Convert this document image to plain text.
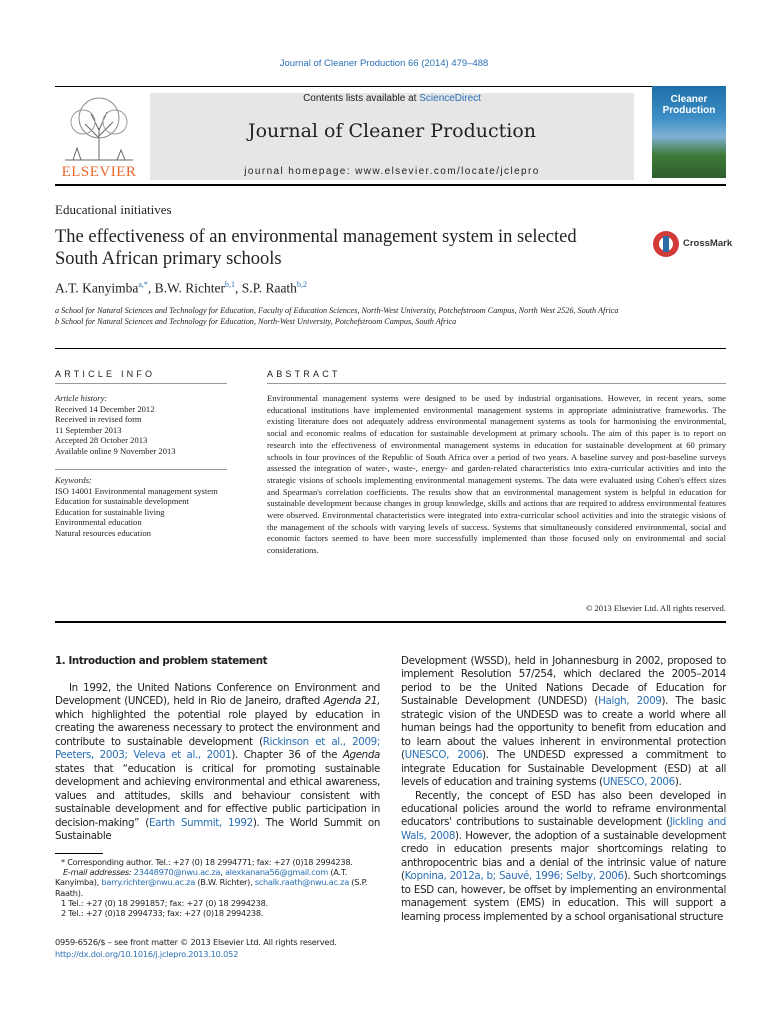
Journal of Cleaner Production 66 (2014) 479–488
ELSEVIER
Contents lists available at ScienceDirect
Journal of Cleaner Production
journal homepage: www.elsevier.com/locate/jclepro
Cleaner Production
Educational initiatives
The effectiveness of an environmental management system in selected South African primary schools
CrossMark
A.T. Kanyimba$^{a,*}$, B.W. Richter$^{b,1}$, S.P. Raath$^{b,2}$
a School for Natural Sciences and Technology for Education, Faculty of Education Sciences, North-West University, Potchefstroom Campus, North West 2526, South Africa
b School for Natural Sciences and Technology for Education, North-West University, Potchefstroom Campus, South Africa
ARTICLE INFO
Article history:
Received 14 December 2012
Received in revised form
11 September 2013
Accepted 28 October 2013
Available online 9 November 2013
Keywords:
ISO 14001 Environmental management system
Education for sustainable development
Education for sustainable living
Environmental education
Natural resources education
ABSTRACT
Environmental management systems were designed to be used by industrial organisations. However, in recent years, some educational institutions have implemented environmental management systems in appropriate administrative frameworks. The existing literature does not adequately address environmental management systems as tools for harmonising the environmental, social and economic realms of education for sustainable development at primary schools. The aim of this paper is to report on research into the effectiveness of environmental management systems in education for sustainable development at 60 primary schools in four provinces of the Republic of South Africa over a period of two years. A baseline survey and post-baseline surveys assessed the integration of water-, waste-, energy- and garden-related characteristics into extra-curricular activities and into the strategic visions of schools implementing environmental management systems. The data were evaluated using Cohen's effect sizes and Spearman's correlation coefficients. The results show that an environmental management system is helpful in education for sustainable development because changes in group knowledge, skills and actions that are required to address environmental features were observed. Environmental characteristics were integrated into extra-curricular school activities and into the strategic visions of the management of the schools with varying levels of success. Systems that simultaneously considered environmental, social and economic factors seemed to have been more successfully implemented than those focused only on environmental and social considerations.
© 2013 Elsevier Ltd. All rights reserved.
1. Introduction and problem statement

In 1992, the United Nations Conference on Environment and Development (UNCED), held in Rio de Janeiro, drafted Agenda 21, which highlighted the potential role played by education in creating the awareness necessary to protect the environment and contribute to sustainable development (Rickinson et al., 2009; Peeters, 2003; Veleva et al., 2001). Chapter 36 of the Agenda states that “education is critical for promoting sustainable development and achieving environmental and ethical awareness, values and attitudes, skills and behaviour consistent with sustainable development and for effective public participation in decision-making” (Earth Summit, 1992). The World Summit on Sustainable

* Corresponding author. Tel.: +27 (0) 18 2994771; fax: +27 (0)18 2994238.
E-mail addresses: 23448970@nwu.ac.za, alexkanana56@gmail.com (A.T. Kanyimba), barry.richter@nwu.ac.za (B.W. Richter), schalk.raath@nwu.ac.za (S.P. Raath).
1 Tel.: +27 (0) 18 2991857; fax: +27 (0) 18 2994238.
2 Tel.: +27 (0)18 2994733; fax: +27 (0)18 2994238.
0959-6526/$ – see front matter © 2013 Elsevier Ltd. All rights reserved.
http://dx.doi.org/10.1016/j.jclepro.2013.10.052

Development (WSSD), held in Johannesburg in 2002, proposed to implement Resolution 57/254, which declared the 2005–2014 period to be the United Nations Decade of Education for Sustainable Development (UNDESD) (Haigh, 2009). The basic strategic vision of the UNDESD was to create a world where all human beings had the opportunity to benefit from education and to learn about the values inherent in environmental protection (UNESCO, 2006). The UNDESD expressed a commitment to integrate Education for Sustainable Development (ESD) at all levels of education and training systems (UNESCO, 2006).

Recently, the concept of ESD has also been developed in educational policies around the world to reframe environmental educators' contributions to sustainable development (Jickling and Wals, 2008). However, the adoption of a sustainable development credo in education presents major shortcomings relating to anthropocentric bias and a denial of the intrinsic value of nature (Kopnina, 2012a, b; Sauvé, 1996; Selby, 2006). Such shortcomings to ESD can, however, be offset by implementing an environmental management system (EMS) in education. This will support a learning process implemented by a school organisational structure
